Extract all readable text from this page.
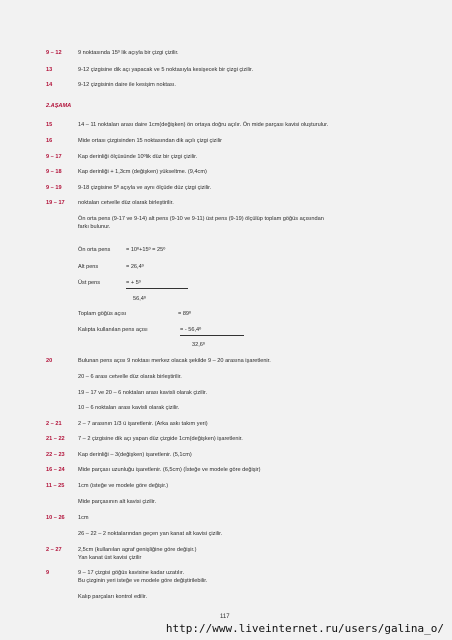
9 – 12	9 noktasında 15º lik açıyla bir çizgi çizilir.
13	9-12 çizgisine dik açı yapacak ve 5 noktasıyla kesişecek bir çizgi çizilir.
14	9-12 çizgisinin daire ile kesişim noktası.
2.AŞAMA
15	14 – 11 noktaları arası daire 1cm(değişken) ön ortaya doğru açılır. Ön mide parçası kavisi oluşturulur.
16	Mide ortası çizgisinden 15 noktasından dik açılı çizgi çizilir
9 – 17	Kap derinliği ölçüsünde 10ºlik düz bir çizgi çizilir.
9 – 18	Kap derinliği + 1,3cm (değişken) yükseltme. (9,4cm)
9 – 19	9-18 çizgisine 5º açıyla ve aynı ölçüde düz çizgi çizilir.
19 – 17 noktaları cetvelle düz olarak birleştirilir.
Ön orta pens (9-17 ve 9-14) alt pens (9-10 ve 9-11) üst pens (9-19) ölçülüp toplam göğüs açısından
farkı bulunur.
Ön orta pens	= 10º+15º = 25º
Alt pens	= 26,4º
Üst pens	= + 5º
56,4º
Toplam göğüs açısı	= 89º
Kalıpta kullanılan pens açısı	= - 56,4º
32,6º
20	Bulunan pens açısı 9 noktası merkez olacak şekilde 9 – 20 arasına işaretlenir.
20 – 6 arası cetvelle düz olarak birleştirilir.
19 – 17 ve 20 – 6 noktaları arası kavisli olarak çizilir.
10 – 6 noktaları arası kavisli olarak çizilir.
2 – 21	2 – 7 arasının 1/3 ü işaretlenir. (Arka askı takım yeri)
21 – 22 7 – 2 çizgisine dik açı yapan düz çizgide 1cm(değişken) işaretlenir.
22 – 23 Kap derinliği – 3(değişken) işaretlenir. (5,1cm)
16 – 24 Mide parçası uzunluğu işaretlenir. (6,5cm) (İsteğe ve modele göre değişir)
11 – 25 1cm (isteğe ve modele göre değişir.)
Mide parçasının alt kavisi çizilir.
10 – 26 1cm
26 – 22 – 2 noktalarından geçen yan kanat alt kavisi çizilir.
2 – 27	2,5cm (kullanılan agraf genişliğine göre değişir.)
Yan kanat üst kavisi çizilir
9	9 – 17 çizgisi göğüs kavisine kadar uzatılır.
Bu çizginin yeri isteğe ve modele göre değiştirilebilir.
Kalıp parçaları kontrol edilir.
117
http://www.liveinternet.ru/users/galina_o/
